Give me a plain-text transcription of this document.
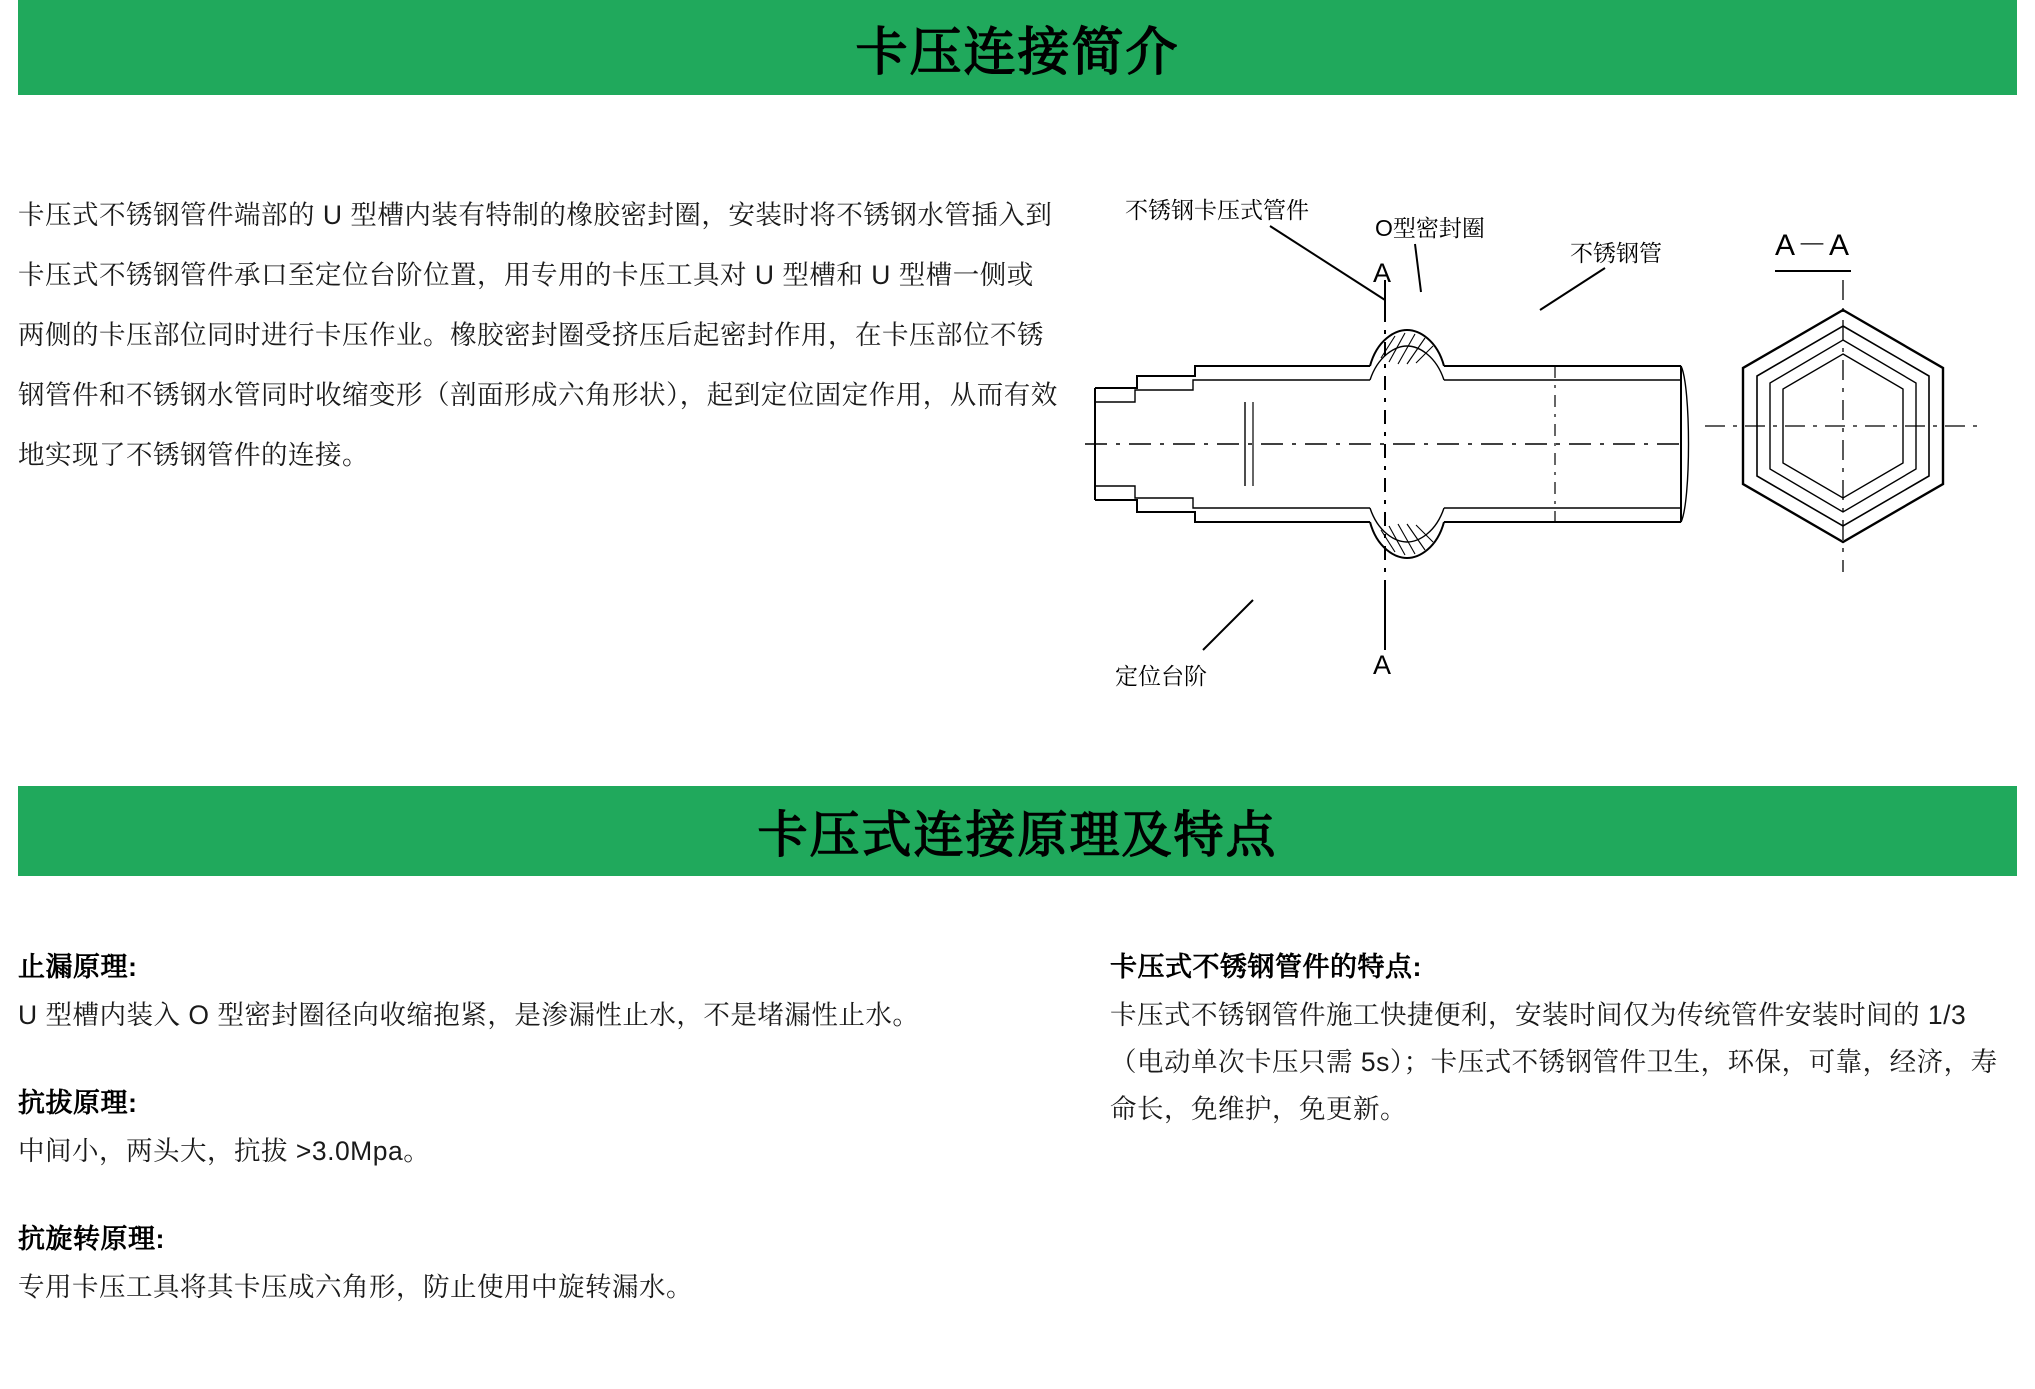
卡压连接简介
卡压式不锈钢管件端部的 U 型槽内装有特制的橡胶密封圈，安装时将不锈钢水管插入到卡压式不锈钢管件承口至定位台阶位置，用专用的卡压工具对 U 型槽和 U 型槽一侧或两侧的卡压部位同时进行卡压作业。橡胶密封圈受挤压后起密封作用，在卡压部位不锈钢管件和不锈钢水管同时收缩变形（剖面形成六角形状），起到定位固定作用，从而有效地实现了不锈钢管件的连接。
不锈钢卡压式管件
O型密封圈
不锈钢管
定位台阶
A
A
A－A
卡压式连接原理及特点
止漏原理:
U 型槽内装入 O 型密封圈径向收缩抱紧，是渗漏性止水，不是堵漏性止水。
抗拔原理:
中间小，两头大，抗拔 >3.0Mpa。
抗旋转原理:
专用卡压工具将其卡压成六角形，防止使用中旋转漏水。
卡压式不锈钢管件的特点:
卡压式不锈钢管件施工快捷便利，安装时间仅为传统管件安装时间的 1/3（电动单次卡压只需 5s）；卡压式不锈钢管件卫生，环保，可靠，经济，寿命长，免维护，免更新。
